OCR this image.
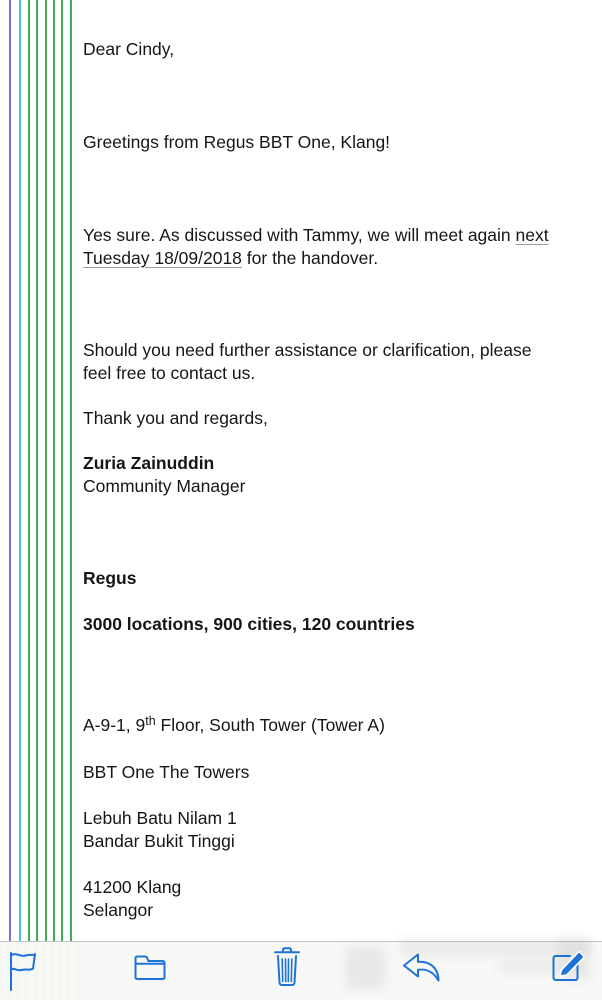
Dear Cindy,

Greetings from Regus BBT One, Klang!

Yes sure. As discussed with Tammy, we will meet again next
Tuesday 18/09/2018 for the handover.

Should you need further assistance or clarification, please
feel free to contact us.

Thank you and regards,

Zuria Zainuddin
Community Manager

Regus

3000 locations, 900 cities, 120 countries

A-9-1, 9th Floor, South Tower (Tower A)

BBT One The Towers

Lebuh Batu Nilam 1
Bandar Bukit Tinggi

41200 Klang
Selangor
